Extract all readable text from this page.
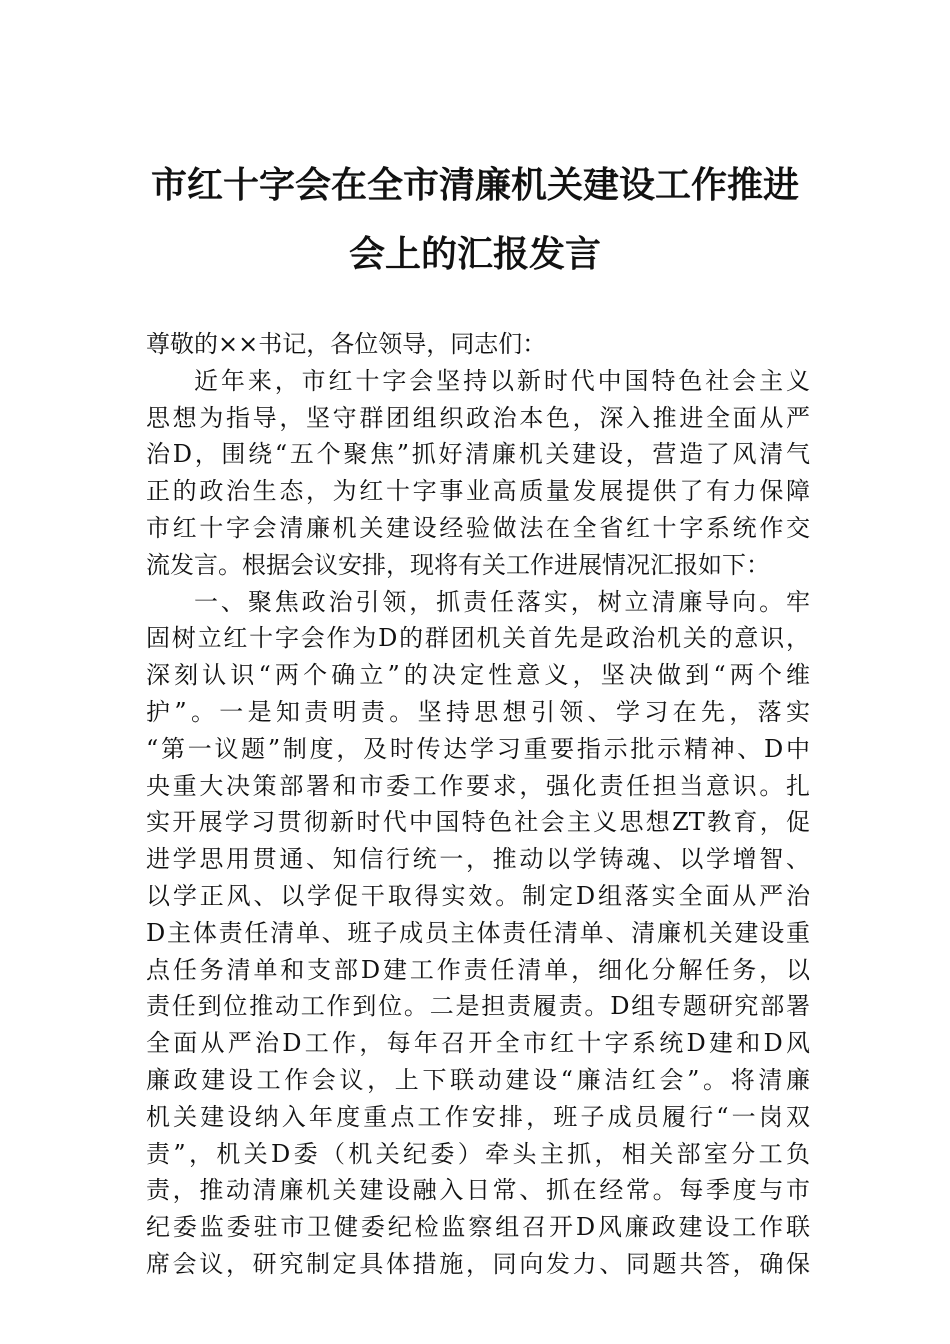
市红十字会在全市清廉机关建设工作推进
会上的汇报发言
尊敬的××书记，各位领导，同志们：
近年来，市红十字会坚持以新时代中国特色社会主义
思想为指导，坚守群团组织政治本色，深入推进全面从严
治D，围绕“五个聚焦”抓好清廉机关建设，营造了风清气
正的政治生态，为红十字事业高质量发展提供了有力保障
市红十字会清廉机关建设经验做法在全省红十字系统作交
流发言。根据会议安排，现将有关工作进展情况汇报如下：
一、聚焦政治引领，抓责任落实，树立清廉导向。牢
固树立红十字会作为D的群团机关首先是政治机关的意识，
深刻认识“两个确立”的决定性意义，坚决做到“两个维
护”。一是知责明责。坚持思想引领、学习在先，落实
“第一议题”制度，及时传达学习重要指示批示精神、D中
央重大决策部署和市委工作要求，强化责任担当意识。扎
实开展学习贯彻新时代中国特色社会主义思想ZT教育，促
进学思用贯通、知信行统一，推动以学铸魂、以学增智、
以学正风、以学促干取得实效。制定D组落实全面从严治
D主体责任清单、班子成员主体责任清单、清廉机关建设重
点任务清单和支部D建工作责任清单，细化分解任务，以
责任到位推动工作到位。二是担责履责。D组专题研究部署
全面从严治D工作，每年召开全市红十字系统D建和D风
廉政建设工作会议，上下联动建设“廉洁红会”。将清廉
机关建设纳入年度重点工作安排，班子成员履行“一岗双
责”，机关D委（机关纪委）牵头主抓，相关部室分工负
责，推动清廉机关建设融入日常、抓在经常。每季度与市
纪委监委驻市卫健委纪检监察组召开D风廉政建设工作联
席会议，研究制定具体措施，同向发力、同题共答，确保
